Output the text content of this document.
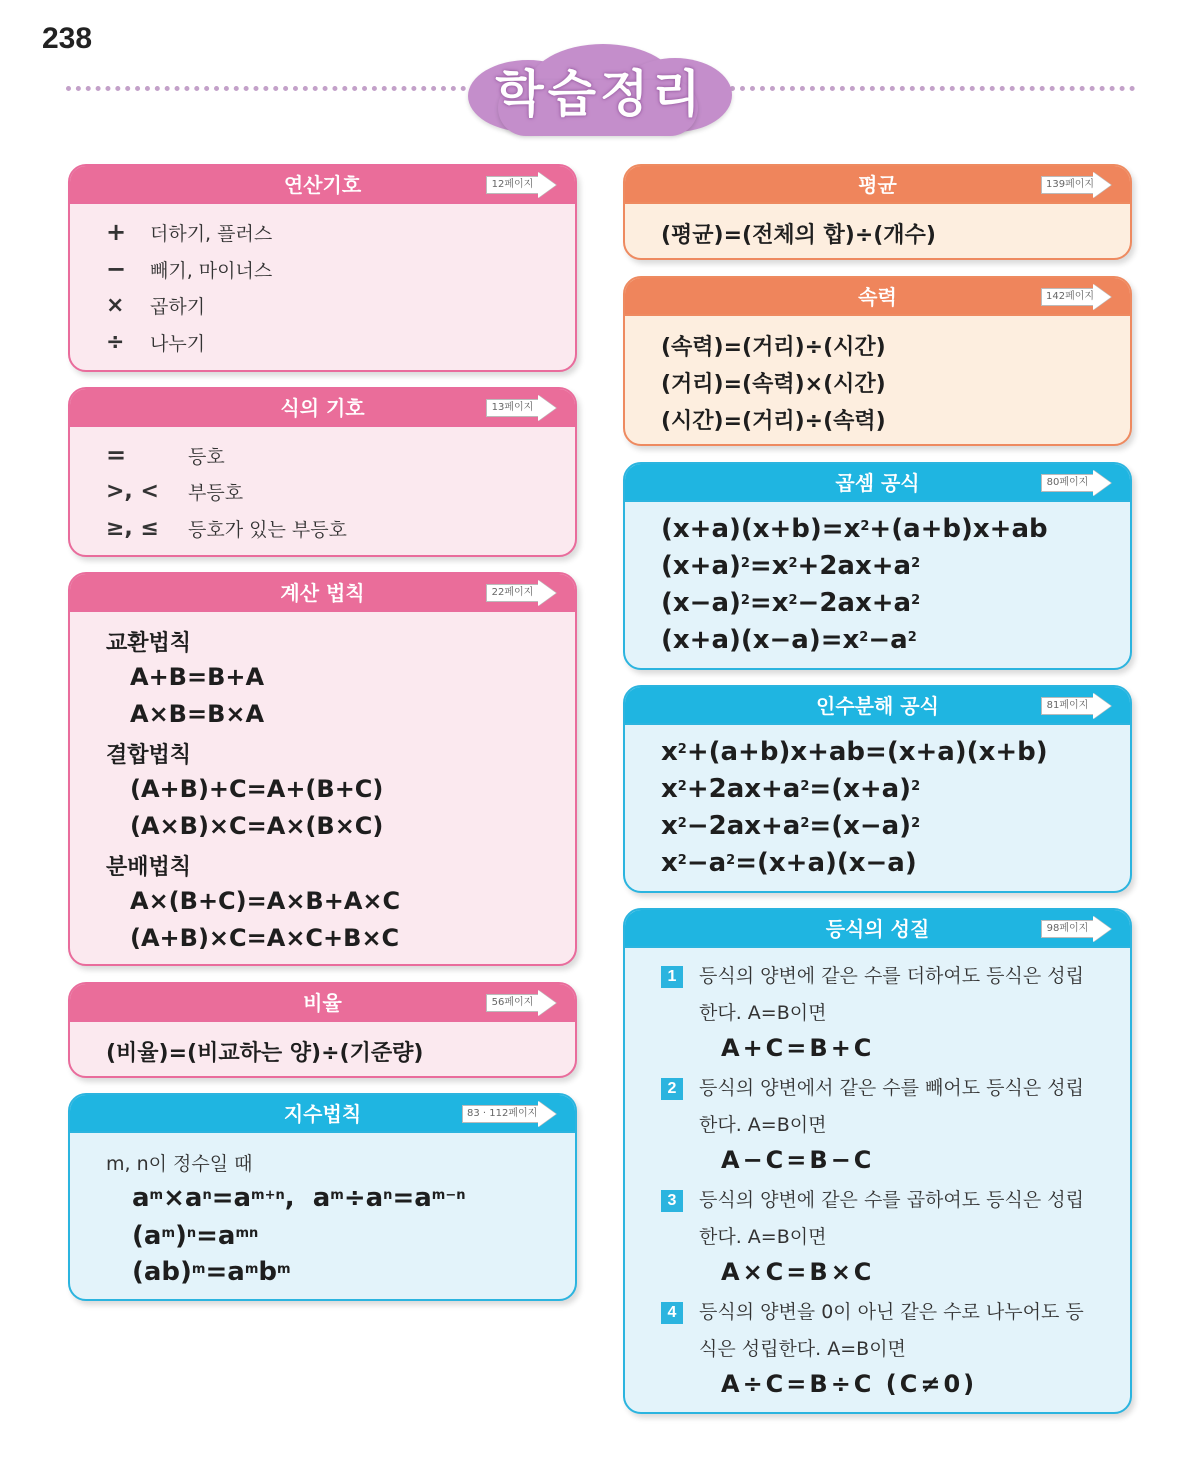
238
학습정리
연산기호	12페이지
+	더하기, 플러스
−	빼기, 마이너스
×	곱하기
÷	나누기
식의 기호	13페이지
=	등호
>, <	부등호
≥, ≤	등호가 있는 부등호
계산 법칙	22페이지
교환법칙
A+B=B+A
A×B=B×A
결합법칙
(A+B)+C=A+(B+C)
(A×B)×C=A×(B×C)
분배법칙
A×(B+C)=A×B+A×C
(A+B)×C=A×C+B×C
비율	56페이지
(비율)=(비교하는 양)÷(기준량)
지수법칙	83 · 112페이지
m, n이 정수일 때
$a^m \times a^n =a^{m+n}$ ,  $a^m \div a^n =a^{m-n}$
($a^m$ )$^n =a^{mn}$
$(ab)^m =a^m$ $b^m$
평균	139페이지
(평균)=(전체의 합)÷(개수)
속력	142페이지
(속력)=(거리)÷(시간)
(거리)=(속력)×(시간)
(시간)=(거리)÷(속력)
곱셈 공식	80페이지
$(x+a)(x+b)=x^2 +(a+b)x+ab$
$(x+a)^2 =x^2 +2ax+a^2$
$(x-a)^2 =x^2 -2ax+a^2$
$(x+a)(x-a)=x^2 -a^2$
인수분해 공식	81페이지
$x^2 +(a+b)x+ab=(x+a)(x+b)$
$x^2 +2ax+a^2 =(x+a)^2$
$x^2 -2ax+a^2 =(x-a)^2$
$x^2 -a^2 =(x+a)(x-a)$
등식의 성질	98페이지
1	등식의 양변에 같은 수를 더하여도 등식은 성립
한다. A=B이면
A+C=B+C
2	등식의 양변에서 같은 수를 빼어도 등식은 성립
한다. A=B이면
A−C=B−C
3	등식의 양변에 같은 수를 곱하여도 등식은 성립
한다. A=B이면
A×C=B×C
4	등식의 양변을 0이 아닌 같은 수로 나누어도 등
식은 성립한다. A=B이면
A÷C=B÷C (C≠0)
